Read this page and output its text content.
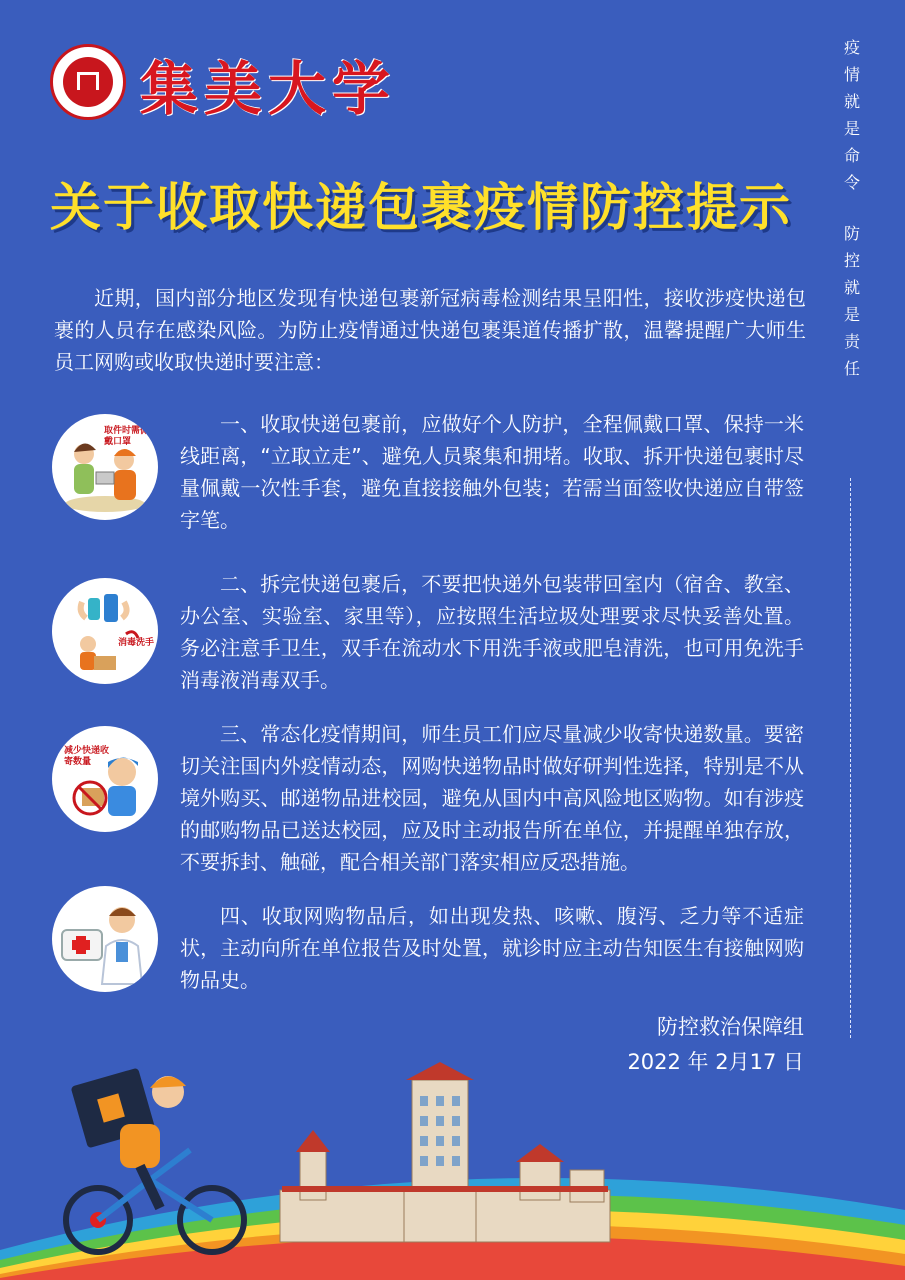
集美大学
疫
情
就
是
命
令
防
控
就
是
责
任
关于收取快递包裹疫情防控提示
近期，国内部分地区发现有快递包裹新冠病毒检测结果呈阳性，接收涉疫快递包裹的人员存在感染风险。为防止疫情通过快递包裹渠道传播扩散，温馨提醒广大师生员工网购或收取快递时要注意：
取件时需佩戴口罩
一、收取快递包裹前，应做好个人防护，全程佩戴口罩、保持一米线距离，“立取立走”、避免人员聚集和拥堵。收取、拆开快递包裹时尽量佩戴一次性手套，避免直接接触外包装；若需当面签收快递应自带签字笔。
消毒洗手
二、拆完快递包裹后，不要把快递外包装带回室内（宿舍、教室、办公室、实验室、家里等），应按照生活垃圾处理要求尽快妥善处置。务必注意手卫生，双手在流动水下用洗手液或肥皂清洗，也可用免洗手消毒液消毒双手。
减少快递收寄数量
三、常态化疫情期间，师生员工们应尽量减少收寄快递数量。要密切关注国内外疫情动态，网购快递物品时做好研判性选择，特别是不从境外购买、邮递物品进校园，避免从国内中高风险地区购物。如有涉疫的邮购物品已送达校园，应及时主动报告所在单位，并提醒单独存放，不要拆封、触碰，配合相关部门落实相应反恐措施。
四、收取网购物品后，如出现发热、咳嗽、腹泻、乏力等不适症状，主动向所在单位报告及时处置，就诊时应主动告知医生有接触网购物品史。
防控救治保障组
2022 年 2月17 日
